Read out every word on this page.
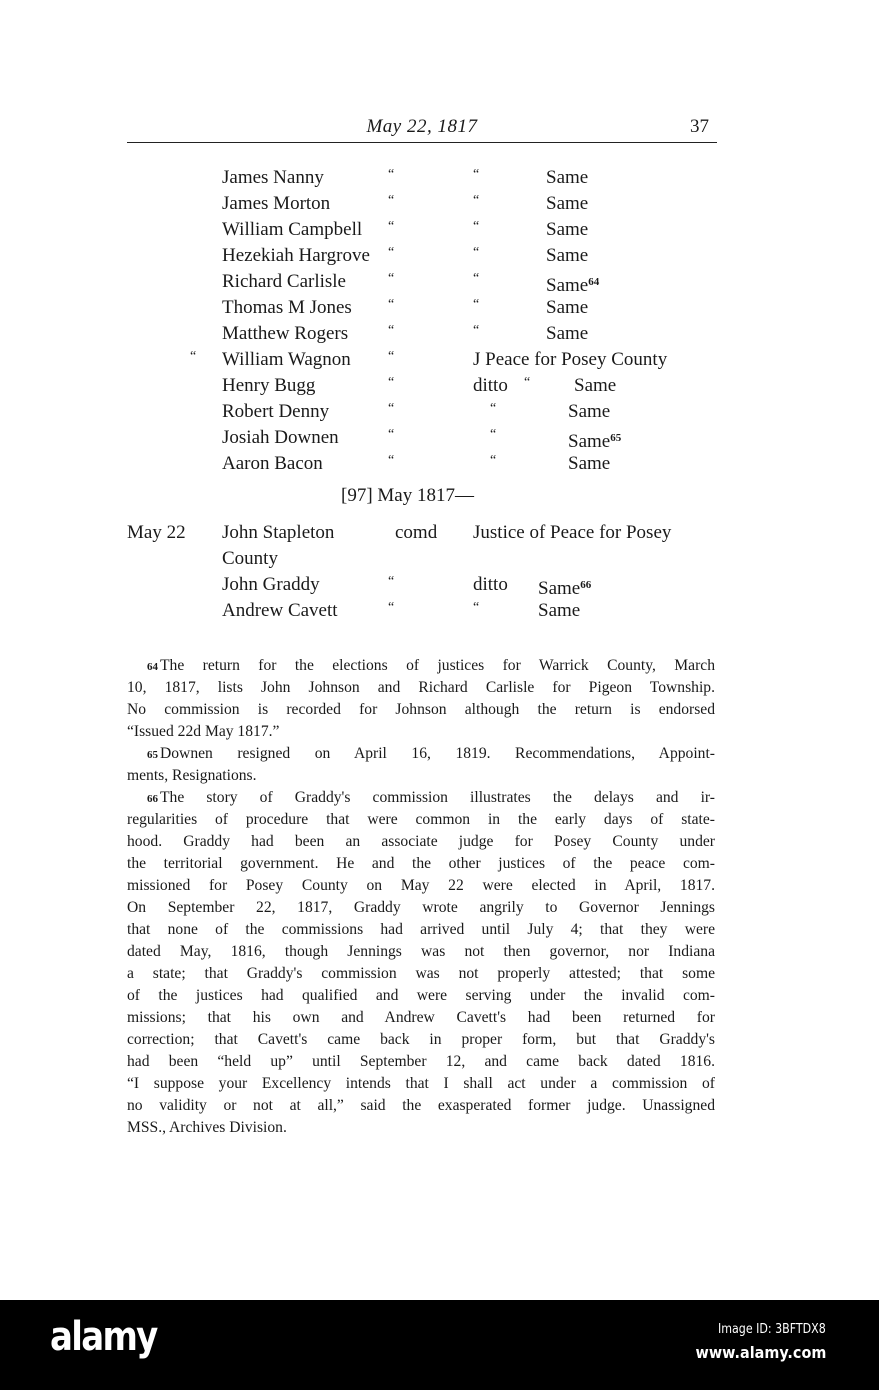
May 22, 1817	37
James Nanny	“	“	Same
James Morton	“	“	Same
William Campbell “	“	Same
Hezekiah Hargrove “	“	Same
Richard Carlisle	“	“	Same$^{64}$
Thomas M Jones	“	“	Same
Matthew Rogers	“	“	Same
“ William Wagnon	“	J Peace for Posey County
Henry Bugg	“	ditto “ Same
Robert Denny	“	“	Same
Josiah Downen	“	“	Same$^{65}$
Aaron Bacon	“	“	Same
[97] May 1817—
May 22 John Stapleton	comd Justice of Peace for Posey
County
John Graddy	“	ditto Same$^{66}$
Andrew Cavett	“	“	Same
64 The return for the elections of justices for Warrick County, March
10, 1817, lists John Johnson and Richard Carlisle for Pigeon Township.
No commission is recorded for Johnson although the return is endorsed
“Issued 22d May 1817.”
65 Downen resigned on April 16, 1819. Recommendations, Appoint-
ments, Resignations.
66 The story of Graddy's commission illustrates the delays and ir-
regularities of procedure that were common in the early days of state-
hood. Graddy had been an associate judge for Posey County under
the territorial government. He and the other justices of the peace com-
missioned for Posey County on May 22 were elected in April, 1817.
On September 22, 1817, Graddy wrote angrily to Governor Jennings
that none of the commissions had arrived until July 4; that they were
dated May, 1816, though Jennings was not then governor, nor Indiana
a state; that Graddy's commission was not properly attested; that some
of the justices had qualified and were serving under the invalid com-
missions; that his own and Andrew Cavett's had been returned for
correction; that Cavett's came back in proper form, but that Graddy's
had been “held up” until September 12, and came back dated 1816.
“I suppose your Excellency intends that I shall act under a commission of
no validity or not at all,” said the exasperated former judge. Unassigned
MSS., Archives Division.
alamy	Image ID: 3BFTDX8
www.alamy.com
